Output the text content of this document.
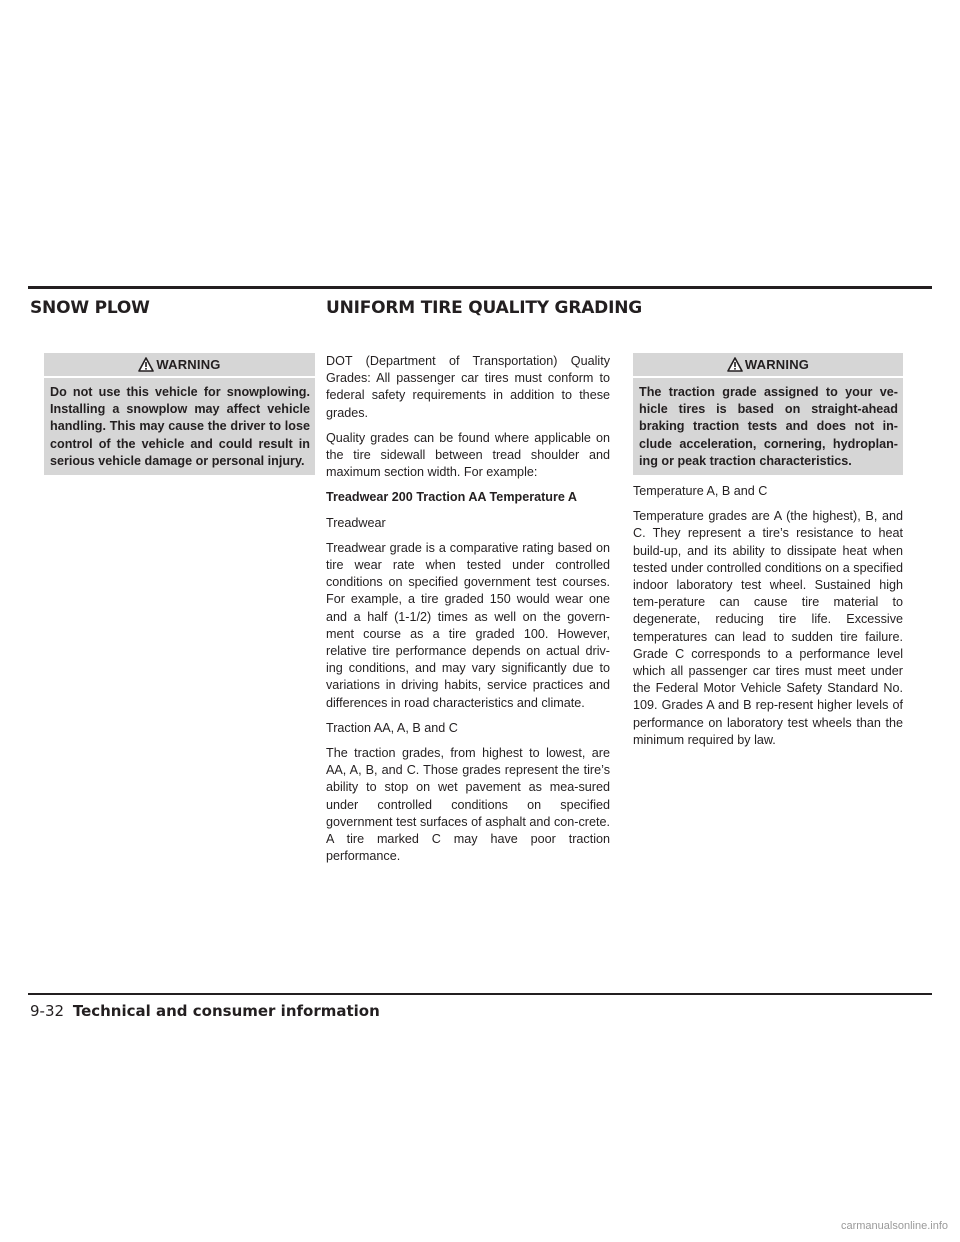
SNOW PLOW	UNIFORM TIRE QUALITY GRADING
WARNING
Do not use this vehicle for snowplowing. Installing a snowplow may affect vehicle handling. This may cause the driver to lose control of the vehicle and could result in serious vehicle damage or personal injury.

DOT (Department of Transportation) Quality Grades: All passenger car tires must conform to federal safety requirements in addition to these grades.

Quality grades can be found where applicable on the tire sidewall between tread shoulder and maximum section width. For example:

Treadwear 200 Traction AA Temperature A

Treadwear

Treadwear grade is a comparative rating based on tire wear rate when tested under controlled conditions on specified government test courses. For example, a tire graded 150 would wear one and a half (1-1/2) times as well on the govern-ment course as a tire graded 100. However, relative tire performance depends on actual driv-ing conditions, and may vary significantly due to variations in driving habits, service practices and differences in road characteristics and climate.

Traction AA, A, B and C

The traction grades, from highest to lowest, are AA, A, B, and C. Those grades represent the tire’s ability to stop on wet pavement as mea-sured under controlled conditions on specified government test surfaces of asphalt and con-crete. A tire marked C may have poor traction performance.

WARNING
The traction grade assigned to your ve-hicle tires is based on straight-ahead braking traction tests and does not in-clude acceleration, cornering, hydroplan-ing or peak traction characteristics.

Temperature A, B and C

Temperature grades are A (the highest), B, and C. They represent a tire’s resistance to heat build-up, and its ability to dissipate heat when tested under controlled conditions on a specified indoor laboratory test wheel. Sustained high tem-perature can cause tire material to degenerate, reducing tire life. Excessive temperatures can lead to sudden tire failure. Grade C corresponds to a performance level which all passenger car tires must meet under the Federal Motor Vehicle Safety Standard No. 109. Grades A and B rep-resent higher levels of performance on laboratory test wheels than the minimum required by law.

9-32 Technical and consumer information
carmanualsonline.info
